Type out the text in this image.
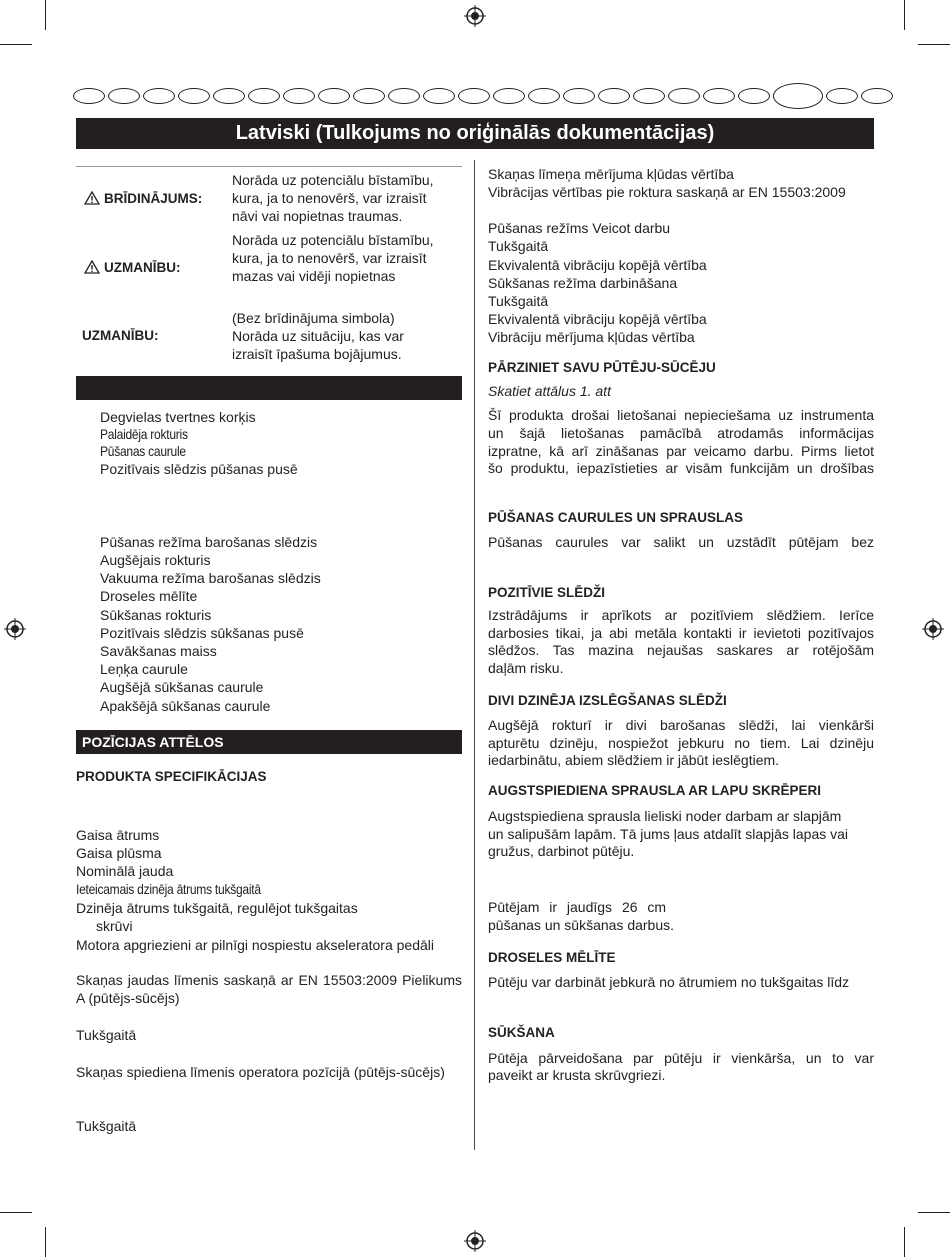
Latviski (Tulkojums no oriģinālās dokumentācijas)
BRĪDINĀJUMS:
Norāda uz potenciālu bīstamību,
kura, ja to nenovērš, var izraisīt
nāvi vai nopietnas traumas.
UZMANĪBU:
Norāda uz potenciālu bīstamību,
kura, ja to nenovērš, var izraisīt
mazas vai vidēji nopietnas
UZMANĪBU:
(Bez brīdinājuma simbola)
Norāda uz situāciju, kas var
izraisīt īpašuma bojājumus.
Degvielas tvertnes korķis
Palaidēja rokturis
Pūšanas caurule
Pozitīvais slēdzis pūšanas pusē
Pūšanas režīma barošanas slēdzis
Augšējais rokturis
Vakuuma režīma barošanas slēdzis
Droseles mēlīte
Sūkšanas rokturis
Pozitīvais slēdzis sūkšanas pusē
Savākšanas maiss
Leņķa caurule
Augšējā sūkšanas caurule
Apakšējā sūkšanas caurule
POZĪCIJAS ATTĒLOS
PRODUKTA SPECIFIKĀCIJAS
Gaisa ātrums
Gaisa plūsma
Nominālā jauda
Ieteicamais dzinēja ātrums tukšgaitā
Dzinēja ātrums tukšgaitā, regulējot tukšgaitas
skrūvi
Motora apgriezieni ar pilnīgi nospiestu akseleratora pedāli
Skaņas jaudas līmenis saskaņā ar EN 15503:2009 Pielikums A (pūtējs-sūcējs)
Tukšgaitā
Skaņas spiediena līmenis operatora pozīcijā (pūtējs-sūcējs)
Tukšgaitā
Skaņas līmeņa mērījuma kļūdas vērtība
Vibrācijas vērtības pie roktura saskaņā ar EN 15503:2009
Pūšanas režīms Veicot darbu
Tukšgaitā
Ekvivalentā vibrāciju kopējā vērtība
Sūkšanas režīma darbināšana
Tukšgaitā
Ekvivalentā vibrāciju kopējā vērtība
Vibrāciju mērījuma kļūdas vērtība
PĀRZINIET SAVU PŪTĒJU-SŪCĒJU
Skatiet attālus 1. att
Šī produkta drošai lietošanai nepieciešama uz instrumenta
un šajā lietošanas pamācībā atrodamās informācijas
izpratne, kā arī zināšanas par veicamo darbu. Pirms lietot
šo produktu, iepazīstieties ar visām funkcijām un drošības
PŪŠANAS CAURULES UN SPRAUSLAS
Pūšanas caurules var salikt un uzstādīt pūtējam bez
POZITĪVIE SLĒDŽI
Izstrādājums ir aprīkots ar pozitīviem slēdžiem. Ierīce
darbosies tikai, ja abi metāla kontakti ir ievietoti pozitīvajos
slēdžos. Tas mazina nejaušas saskares ar rotējošām
daļām risku.
DIVI DZINĒJA IZSLĒGŠANAS SLĒDŽI
Augšējā rokturī ir divi barošanas slēdži, lai vienkārši
apturētu dzinēju, nospiežot jebkuru no tiem. Lai dzinēju
iedarbinātu, abiem slēdžiem ir jābūt ieslēgtiem.
AUGSTSPIEDIENA SPRAUSLA AR LAPU SKRĒPERI
Augstspiediena sprausla lieliski noder darbam ar slapjām
un salipušām lapām. Tā jums ļaus atdalīt slapjās lapas vai
gružus, darbinot pūtēju.
Pūtējam ir jaudīgs 26 cm
pūšanas un sūkšanas darbus.
DROSELES MĒLĪTE
Pūtēju var darbināt jebkurā no ātrumiem no tukšgaitas līdz
SŪKŠANA
Pūtēja pārveidošana par pūtēju ir vienkārša, un to var
paveikt ar krusta skrūvgriezi.
